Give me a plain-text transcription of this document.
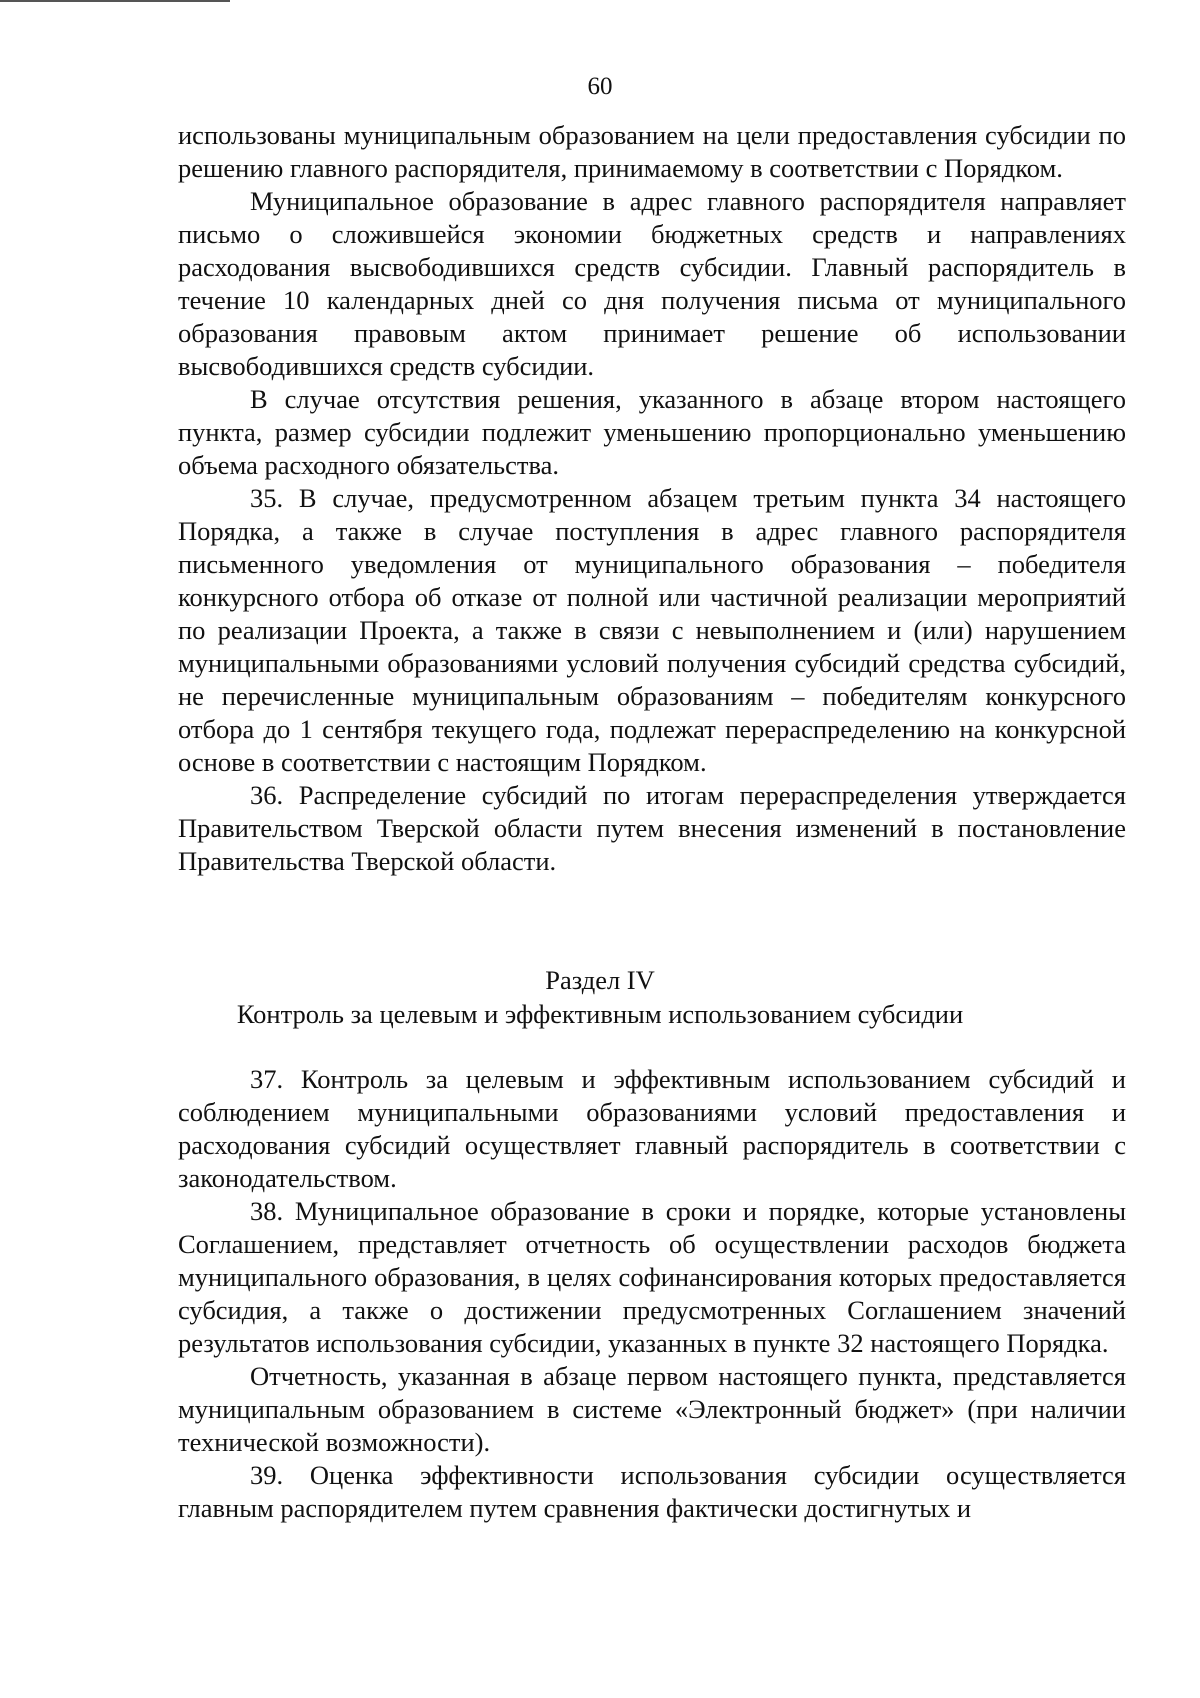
60

использованы муниципальным образованием на цели предоставления субсидии по решению главного распорядителя, принимаемому в соответствии с Порядком.

Муниципальное образование в адрес главного распорядителя направляет письмо о сложившейся экономии бюджетных средств и направлениях расходования высвободившихся средств субсидии. Главный распорядитель в течение 10 календарных дней со дня получения письма от муниципального образования правовым актом принимает решение об использовании высвободившихся средств субсидии.

В случае отсутствия решения, указанного в абзаце втором настоящего пункта, размер субсидии подлежит уменьшению пропорционально уменьшению объема расходного обязательства.

35. В случае, предусмотренном абзацем третьим пункта 34 настоящего Порядка, а также в случае поступления в адрес главного распорядителя письменного уведомления от муниципального образования – победителя конкурсного отбора об отказе от полной или частичной реализации мероприятий по реализации Проекта, а также в связи с невыполнением и (или) нарушением муниципальными образованиями условий получения субсидий средства субсидий, не перечисленные муниципальным образованиям – победителям конкурсного отбора до 1 сентября текущего года, подлежат перераспределению на конкурсной основе в соответствии с настоящим Порядком.

36. Распределение субсидий по итогам перераспределения утверждается Правительством Тверской области путем внесения изменений в постановление Правительства Тверской области.

Раздел IV
Контроль за целевым и эффективным использованием субсидии

37. Контроль за целевым и эффективным использованием субсидий и соблюдением муниципальными образованиями условий предоставления и расходования субсидий осуществляет главный распорядитель в соответствии с законодательством.

38. Муниципальное образование в сроки и порядке, которые установлены Соглашением, представляет отчетность об осуществлении расходов бюджета муниципального образования, в целях софинансирования которых предоставляется субсидия, а также о достижении предусмотренных Соглашением значений результатов использования субсидии, указанных в пункте 32 настоящего Порядка.

Отчетность, указанная в абзаце первом настоящего пункта, представляется муниципальным образованием в системе «Электронный бюджет» (при наличии технической возможности).

39. Оценка эффективности использования субсидии осуществляется главным распорядителем путем сравнения фактически достигнутых и
